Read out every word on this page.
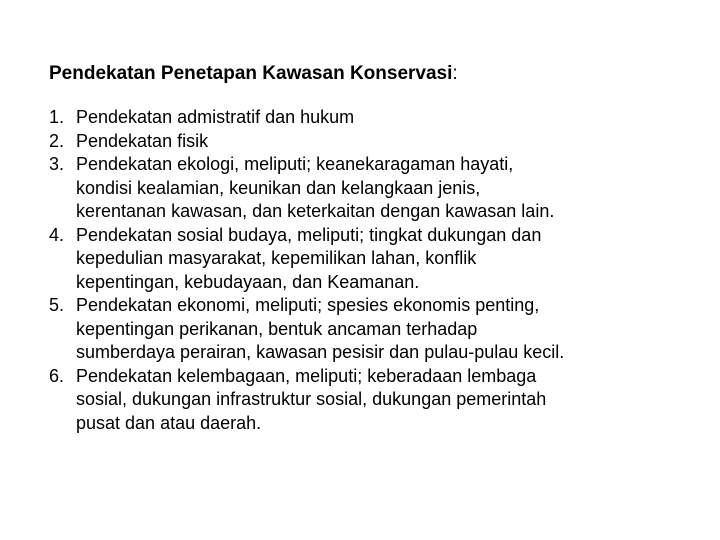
Pendekatan Penetapan Kawasan Konservasi:
1. Pendekatan admistratif dan hukum
2. Pendekatan fisik
3. Pendekatan ekologi, meliputi; keanekaragaman hayati,
kondisi kealamian, keunikan dan kelangkaan jenis,
kerentanan kawasan, dan keterkaitan dengan kawasan lain.
4. Pendekatan sosial budaya, meliputi; tingkat dukungan dan
kepedulian masyarakat, kepemilikan lahan, konflik
kepentingan, kebudayaan, dan Keamanan.
5. Pendekatan ekonomi, meliputi; spesies ekonomis penting,
kepentingan perikanan, bentuk ancaman terhadap
sumberdaya perairan, kawasan pesisir dan pulau-pulau kecil.
6. Pendekatan kelembagaan, meliputi; keberadaan lembaga
sosial, dukungan infrastruktur sosial, dukungan pemerintah
pusat dan atau daerah.
